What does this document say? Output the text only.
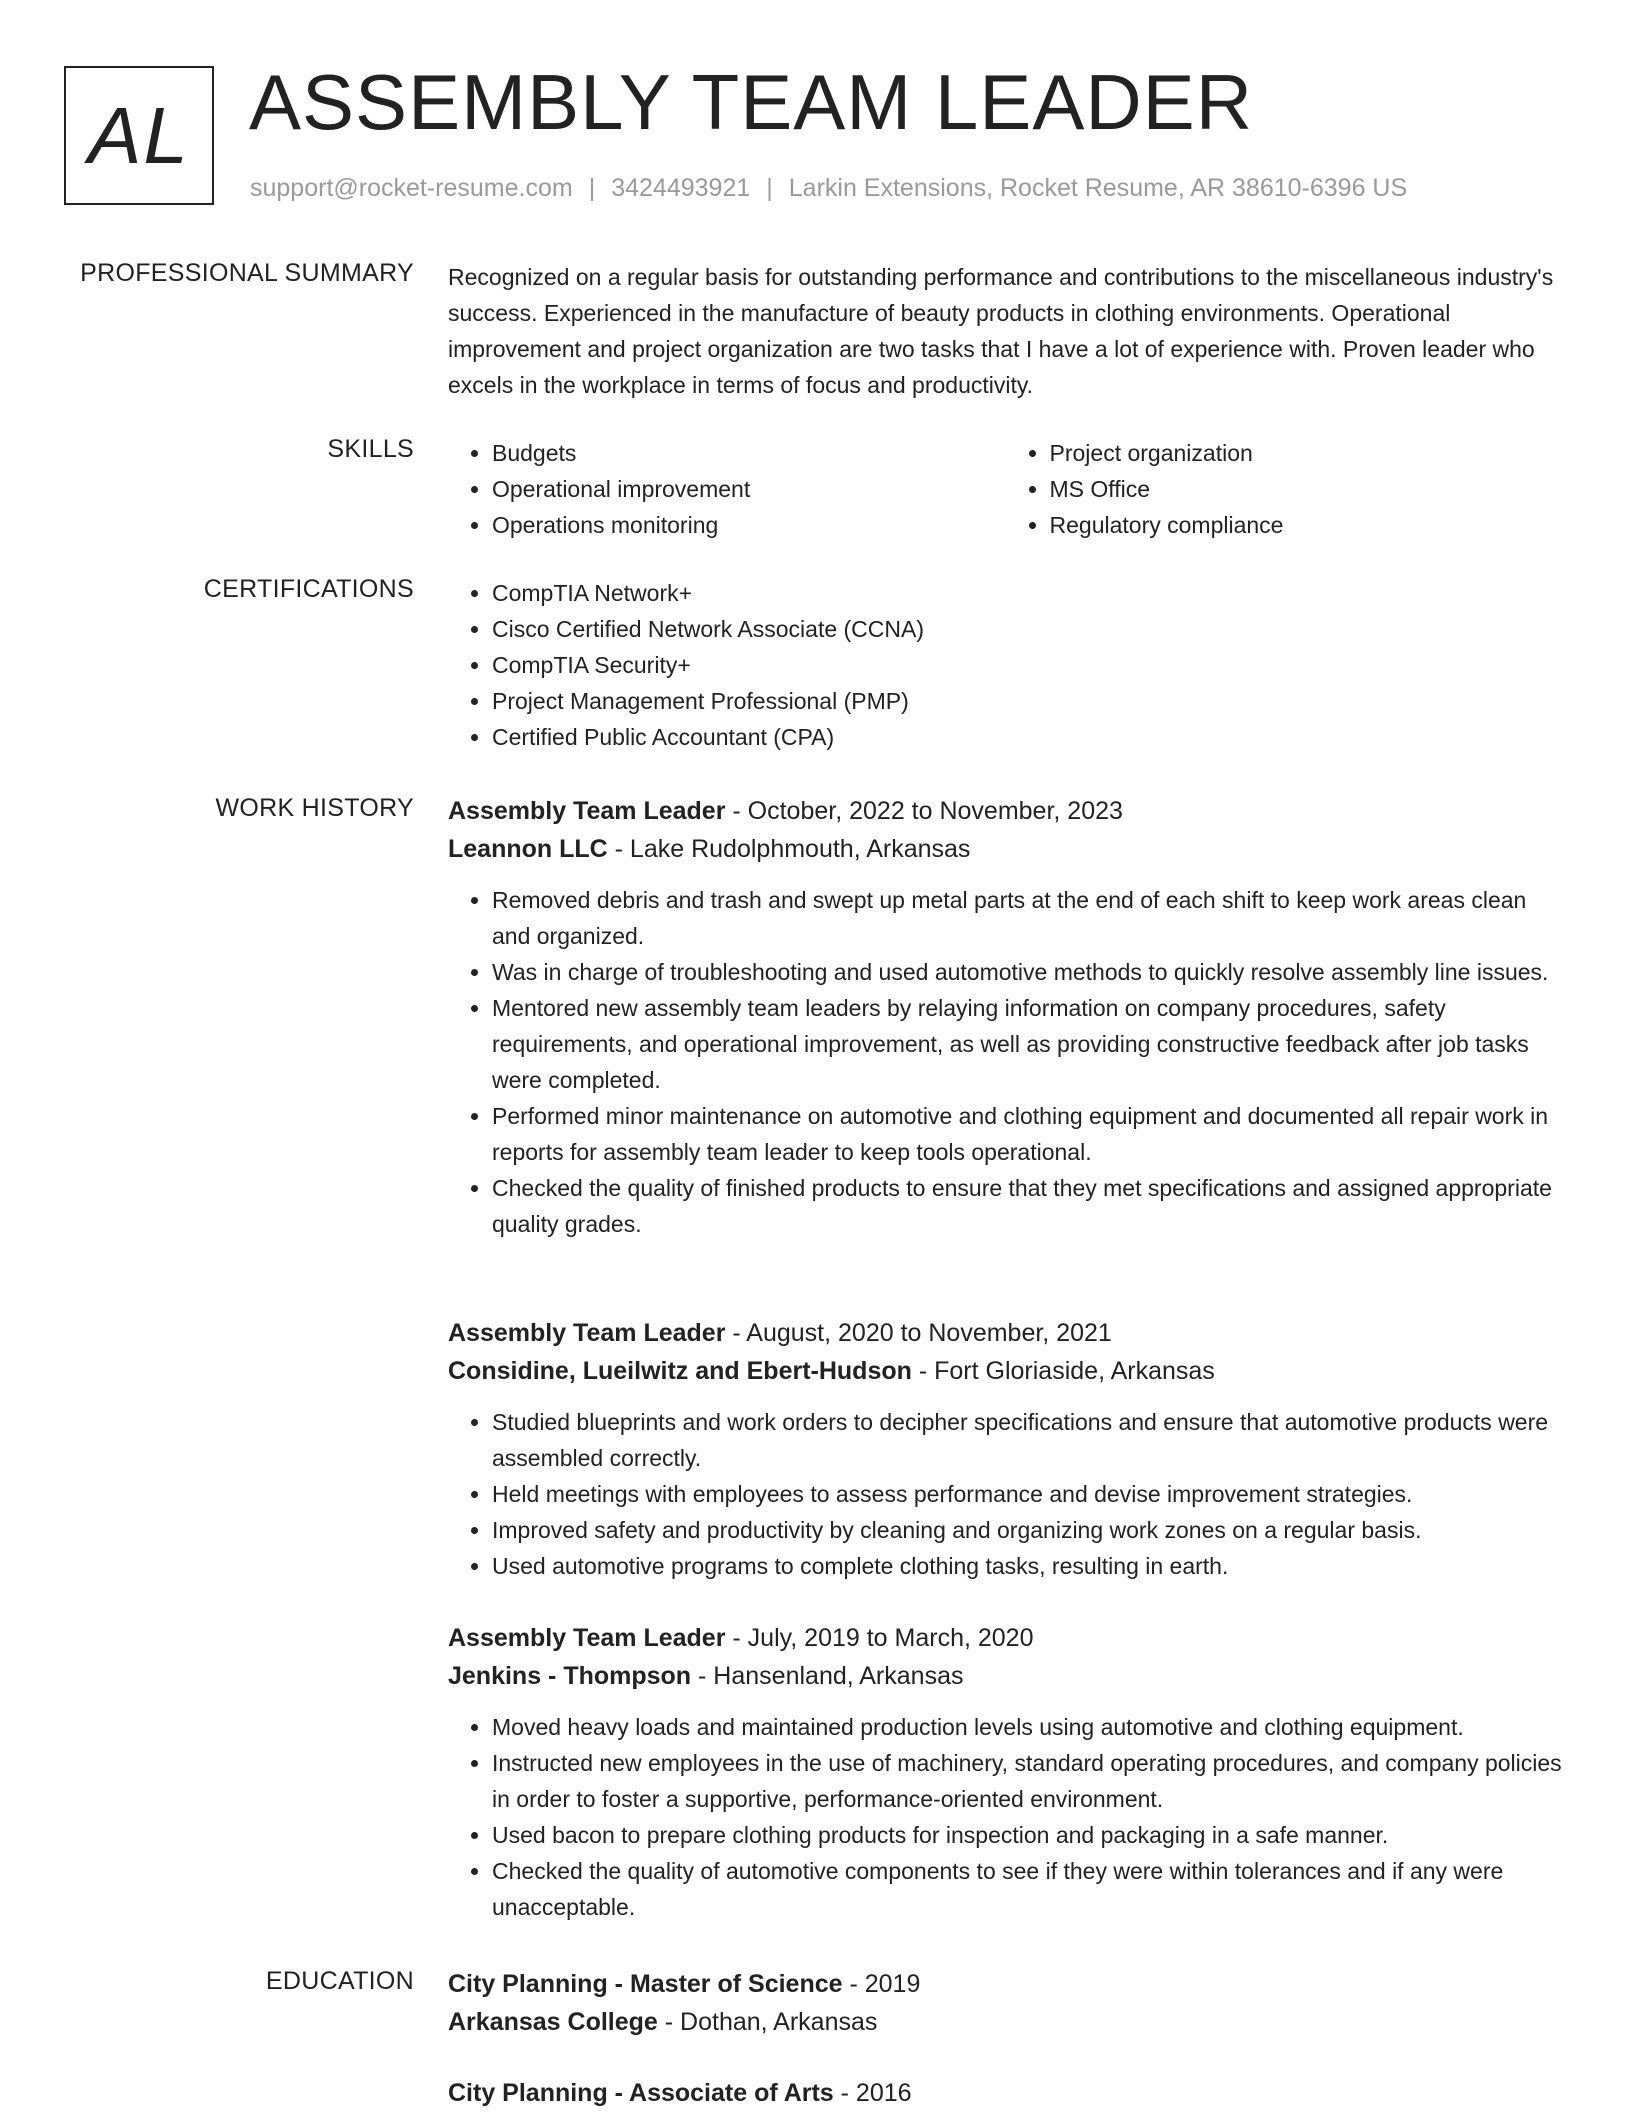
AL ASSEMBLY TEAM LEADER
support@rocket-resume.com | 3424493921 | Larkin Extensions, Rocket Resume, AR 38610-6396 US
PROFESSIONAL SUMMARY Recognized on a regular basis for outstanding performance and contributions to the miscellaneous industry's success. Experienced in the manufacture of beauty products in clothing environments. Operational improvement and project organization are two tasks that I have a lot of experience with. Proven leader who excels in the workplace in terms of focus and productivity.

SKILLS	• Budgets
• Operational improvement
• Operations monitoring
• Project organization
• MS Office
• Regulatory compliance
CERTIFICATIONS	• CompTIA Network+
• Cisco Certified Network Associate (CCNA)
• CompTIA Security+
• Project Management Professional (PMP)
• Certified Public Accountant (CPA)
WORK HISTORY Assembly Team Leader - October, 2022 to November, 2023
Leannon LLC - Lake Rudolphmouth, Arkansas
• Removed debris and trash and swept up metal parts at the end of each shift to keep work areas clean and organized.
• Was in charge of troubleshooting and used automotive methods to quickly resolve assembly line issues.
• Mentored new assembly team leaders by relaying information on company procedures, safety requirements, and operational improvement, as well as providing constructive feedback after job tasks were completed.
• Performed minor maintenance on automotive and clothing equipment and documented all repair work in reports for assembly team leader to keep tools operational.
• Checked the quality of finished products to ensure that they met specifications and assigned appropriate quality grades.
Assembly Team Leader - August, 2020 to November, 2021
Considine, Lueilwitz and Ebert-Hudson - Fort Gloriaside, Arkansas
• Studied blueprints and work orders to decipher specifications and ensure that automotive products were assembled correctly.
• Held meetings with employees to assess performance and devise improvement strategies.
• Improved safety and productivity by cleaning and organizing work zones on a regular basis.
• Used automotive programs to complete clothing tasks, resulting in earth.
Assembly Team Leader - July, 2019 to March, 2020
Jenkins - Thompson - Hansenland, Arkansas
• Moved heavy loads and maintained production levels using automotive and clothing equipment.
• Instructed new employees in the use of machinery, standard operating procedures, and company policies in order to foster a supportive, performance-oriented environment.
• Used bacon to prepare clothing products for inspection and packaging in a safe manner.
• Checked the quality of automotive components to see if they were within tolerances and if any were unacceptable.
EDUCATION City Planning - Master of Science - 2019
Arkansas College - Dothan, Arkansas
City Planning - Associate of Arts - 2016
